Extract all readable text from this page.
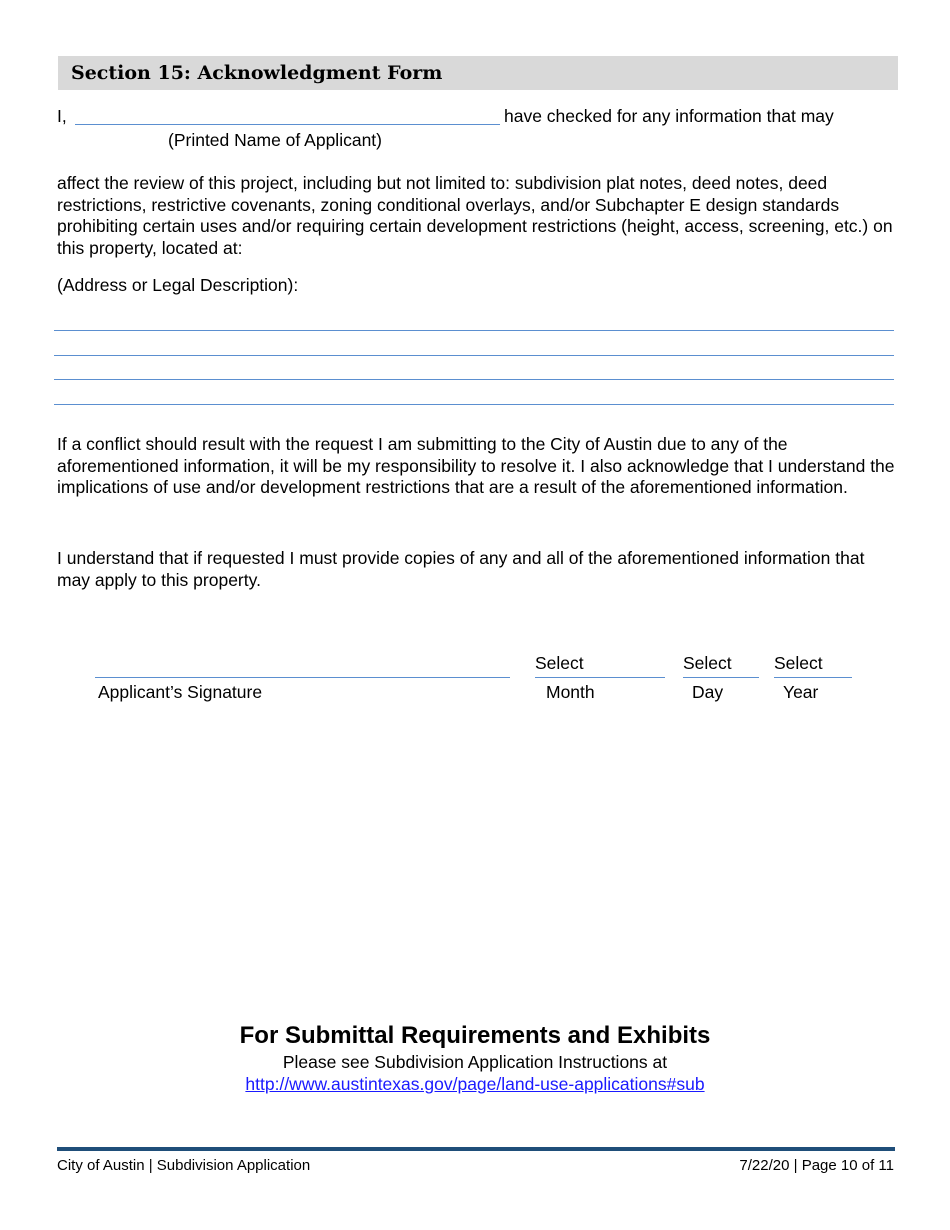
Section 15: Acknowledgment Form
I,	have checked for any information that may
(Printed Name of Applicant)

affect the review of this project, including but not limited to: subdivision plat notes, deed notes, deed restrictions, restrictive covenants, zoning conditional overlays, and/or Subchapter E design standards prohibiting certain uses and/or requiring certain development restrictions (height, access, screening, etc.) on this property, located at:

(Address or Legal Description):

If a conflict should result with the request I am submitting to the City of Austin due to any of the aforementioned information, it will be my responsibility to resolve it. I also acknowledge that I understand the implications of use and/or development restrictions that are a result of the aforementioned information.

I understand that if requested I must provide copies of any and all of the aforementioned information that may apply to this property.

Applicant’s Signature
Select
Month
Select
Day
Select
Year
For Submittal Requirements and Exhibits
Please see Subdivision Application Instructions at
http://www.austintexas.gov/page/land-use-applications#sub
City of Austin | Subdivision Application	7/22/20 | Page 10 of 11
